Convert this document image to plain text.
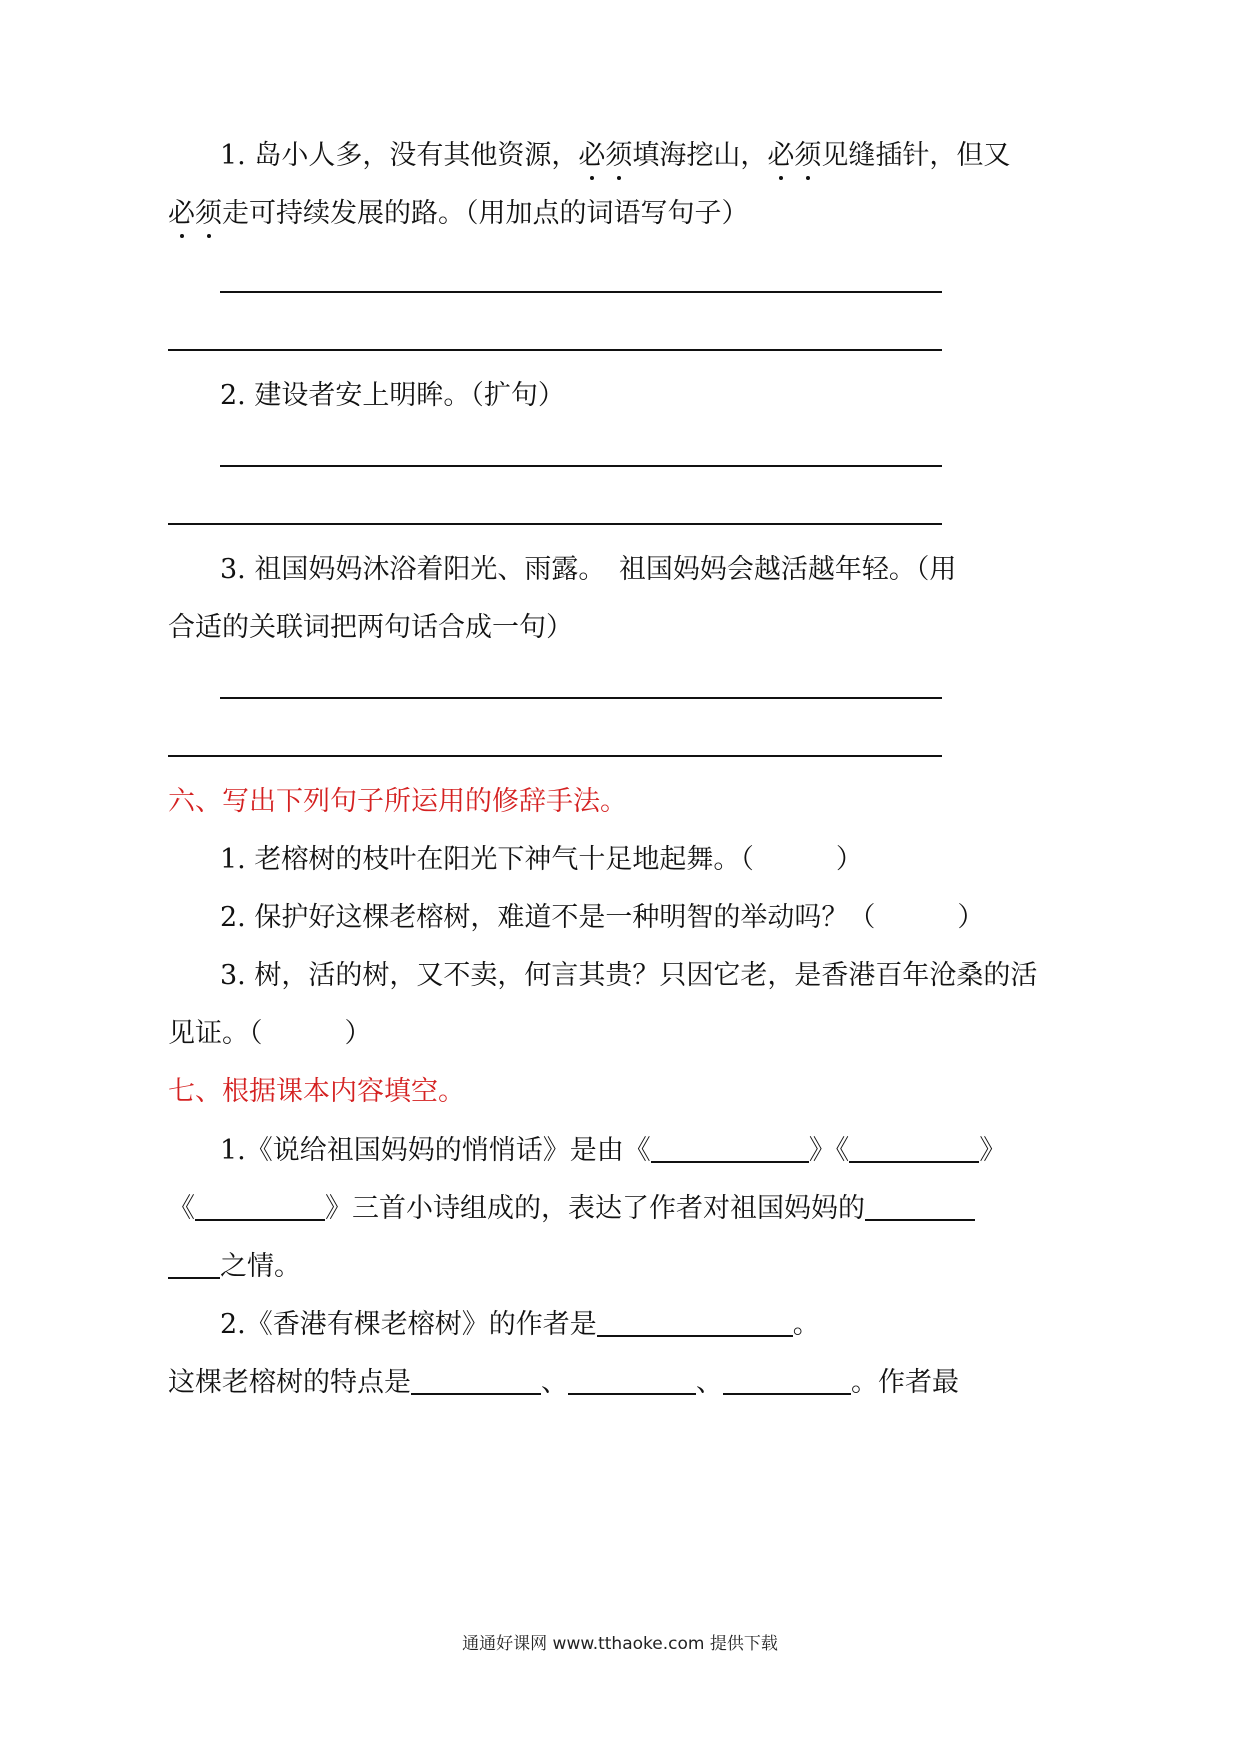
1. 岛小人多，没有其他资源，必须填海挖山，必须见缝插针，但又
必须走可持续发展的路。（用加点的词语写句子）
2. 建设者安上明眸。（扩句）
3. 祖国妈妈沐浴着阳光、雨露。　祖国妈妈会越活越年轻。（用
合适的关联词把两句话合成一句）
六、写出下列句子所运用的修辞手法。
1. 老榕树的枝叶在阳光下神气十足地起舞。（	）
2. 保护好这棵老榕树，难道不是一种明智的举动吗？（	）
3. 树，活的树，又不卖，何言其贵？只因它老，是香港百年沧桑的活
见证。（	）
七、根据课本内容填空。
1.《说给祖国妈妈的悄悄话》是由《	》《	》
《	》三首小诗组成的，表达了作者对祖国妈妈的
之情。
2.《香港有棵老榕树》的作者是	。
这棵老榕树的特点是	、	、	。作者最
通通好课网 www.tthaoke.com 提供下载
